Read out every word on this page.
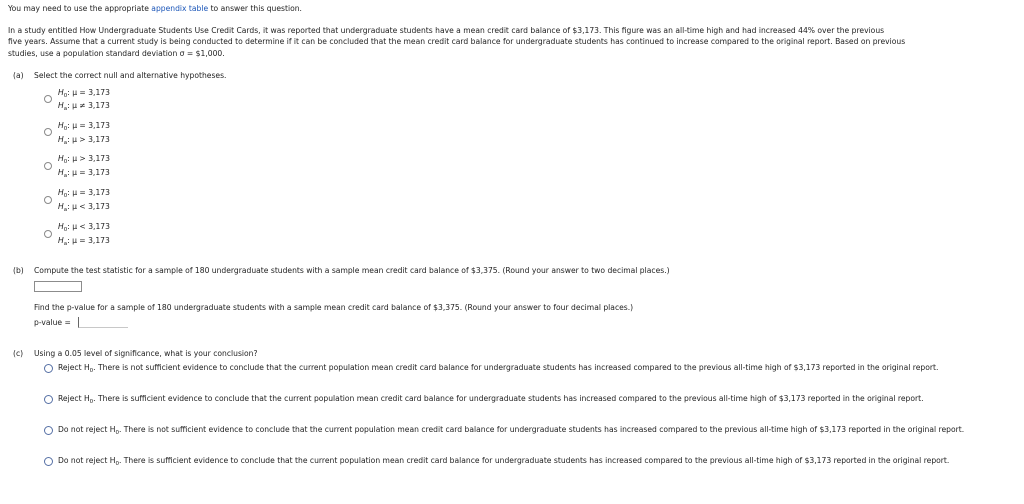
You may need to use the appropriate appendix table to answer this question.
In a study entitled How Undergraduate Students Use Credit Cards, it was reported that undergraduate students have a mean credit card balance of $3,173. This figure was an all-time high and had increased 44% over the previous
five years. Assume that a current study is being conducted to determine if it can be concluded that the mean credit card balance for undergraduate students has continued to increase compared to the original report. Based on previous
studies, use a population standard deviation σ = $1,000.
(a) Select the correct null and alternative hypotheses.
$H_0$: μ = 3,173
$H_a$: μ ≠ 3,173
$H_0$: μ = 3,173
$H_a$: μ > 3,173
$H_0$: μ > 3,173
$H_a$: μ = 3,173
$H_0$: μ = 3,173
$H_a$: μ < 3,173
$H_0$: μ < 3,173
$H_a$: μ = 3,173
(b) Compute the test statistic for a sample of 180 undergraduate students with a sample mean credit card balance of $3,375. (Round your answer to two decimal places.)
Find the p-value for a sample of 180 undergraduate students with a sample mean credit card balance of $3,375. (Round your answer to four decimal places.)
p-value =
(c) Using a 0.05 level of significance, what is your conclusion?
Reject $H_0$. There is not sufficient evidence to conclude that the current population mean credit card balance for undergraduate students has increased compared to the previous all-time high of $3,173 reported in the original report.
Reject $H_0$. There is sufficient evidence to conclude that the current population mean credit card balance for undergraduate students has increased compared to the previous all-time high of $3,173 reported in the original report.
Do not reject $H_0$. There is not sufficient evidence to conclude that the current population mean credit card balance for undergraduate students has increased compared to the previous all-time high of $3,173 reported in the original report.
Do not reject $H_0$. There is sufficient evidence to conclude that the current population mean credit card balance for undergraduate students has increased compared to the previous all-time high of $3,173 reported in the original report.
